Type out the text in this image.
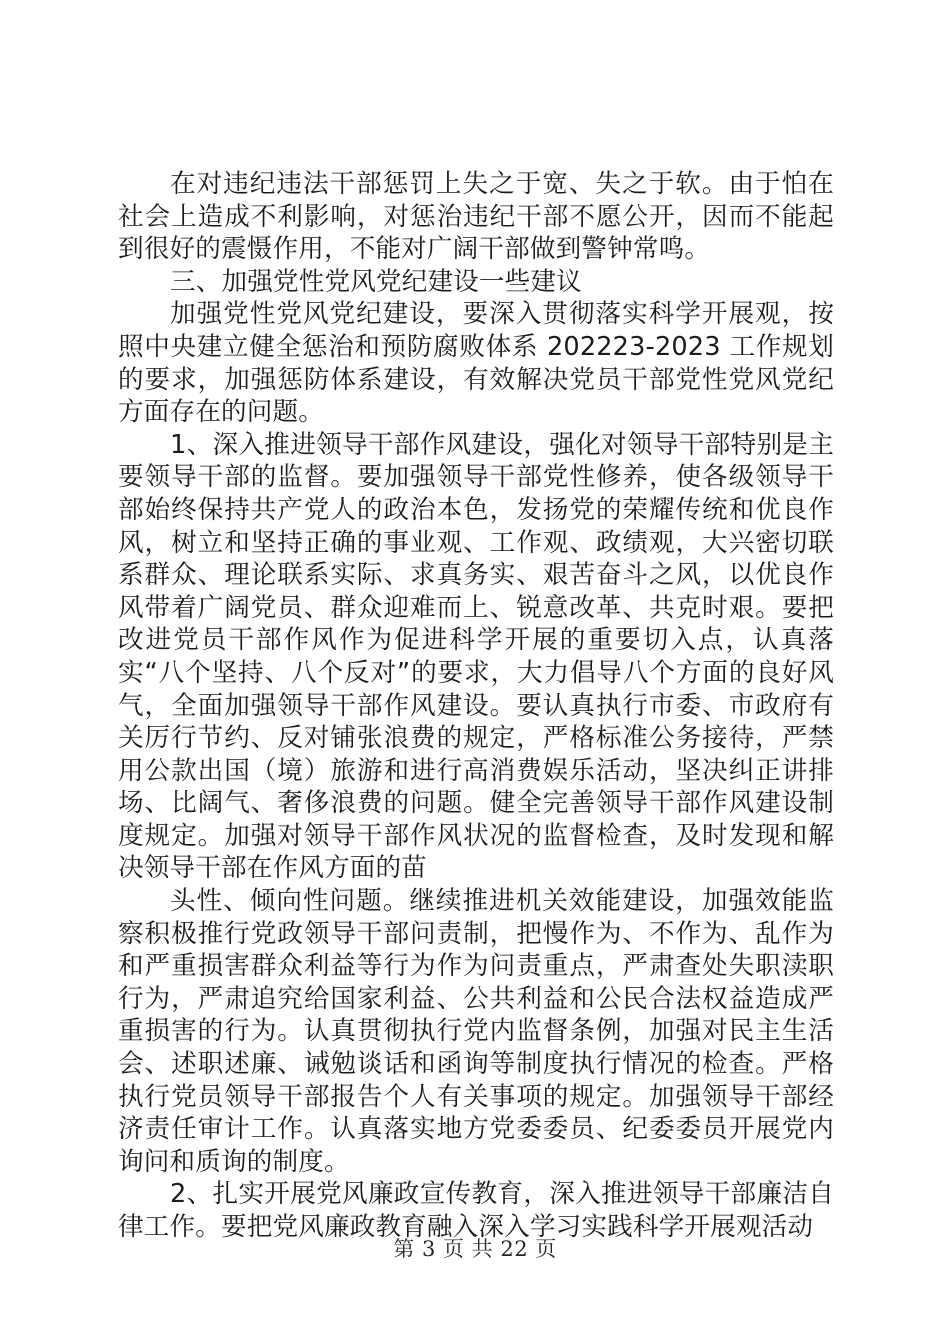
在对违纪违法干部惩罚上失之于宽、失之于软。由于怕在社会上造成不利影响，对惩治违纪干部不愿公开，因而不能起到很好的震慑作用，不能对广阔干部做到警钟常鸣。

三、加强党性党风党纪建设一些建议

加强党性党风党纪建设，要深入贯彻落实科学开展观，按照中央建立健全惩治和预防腐败体系 202223-2023 工作规划的要求，加强惩防体系建设，有效解决党员干部党性党风党纪方面存在的问题。

1、深入推进领导干部作风建设，强化对领导干部特别是主要领导干部的监督。要加强领导干部党性修养，使各级领导干部始终保持共产党人的政治本色，发扬党的荣耀传统和优良作风，树立和坚持正确的事业观、工作观、政绩观，大兴密切联系群众、理论联系实际、求真务实、艰苦奋斗之风，以优良作风带着广阔党员、群众迎难而上、锐意改革、共克时艰。要把改进党员干部作风作为促进科学开展的重要切入点，认真落实“八个坚持、八个反对”的要求，大力倡导八个方面的良好风气，全面加强领导干部作风建设。要认真执行市委、市政府有关厉行节约、反对铺张浪费的规定，严格标准公务接待，严禁用公款出国（境）旅游和进行高消费娱乐活动，坚决纠正讲排场、比阔气、奢侈浪费的问题。健全完善领导干部作风建设制度规定。加强对领导干部作风状况的监督检查，及时发现和解决领导干部在作风方面的苗

头性、倾向性问题。继续推进机关效能建设，加强效能监察积极推行党政领导干部问责制，把慢作为、不作为、乱作为和严重损害群众利益等行为作为问责重点，严肃查处失职渎职行为，严肃追究给国家利益、公共利益和公民合法权益造成严重损害的行为。认真贯彻执行党内监督条例，加强对民主生活会、述职述廉、诫勉谈话和函询等制度执行情况的检查。严格执行党员领导干部报告个人有关事项的规定。加强领导干部经济责任审计工作。认真落实地方党委委员、纪委委员开展党内询问和质询的制度。

2、扎实开展党风廉政宣传教育，深入推进领导干部廉洁自律工作。要把党风廉政教育融入深入学习实践科学开展观活动

第 3 页 共 22 页
